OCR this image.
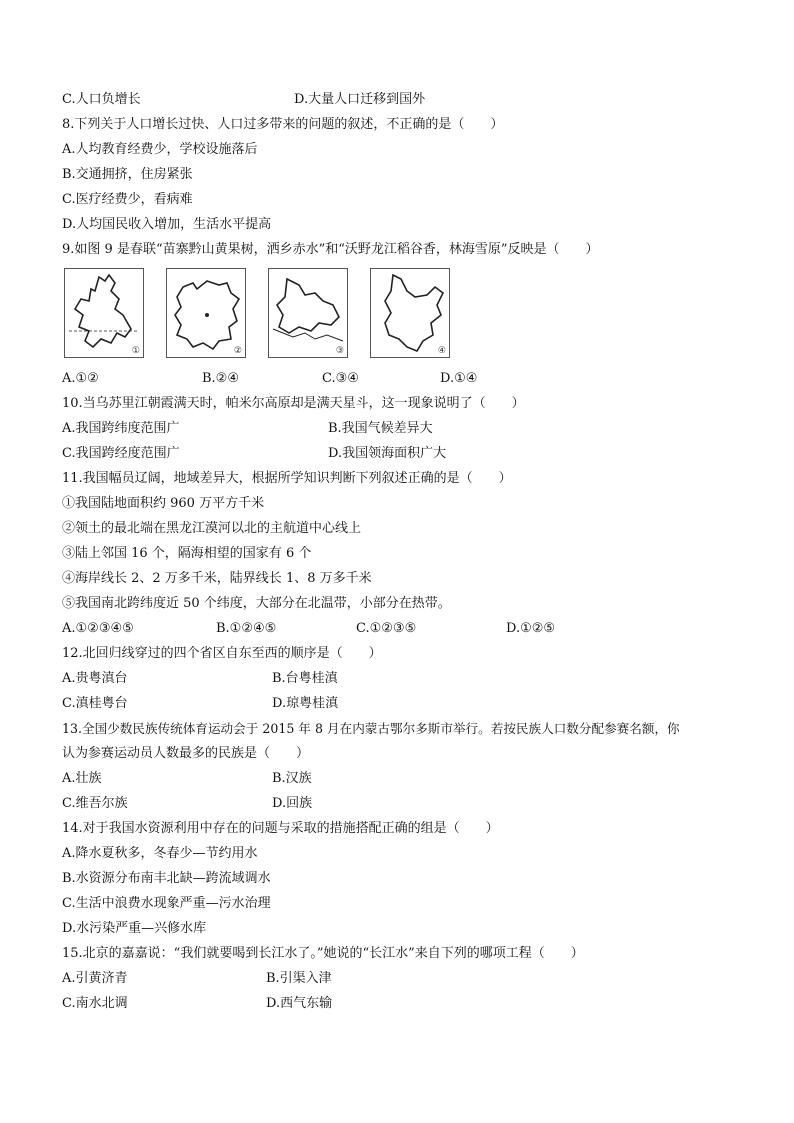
C.人口负增长	D.大量人口迁移到国外
8.下列关于人口增长过快、人口过多带来的问题的叙述，不正确的是（　　）
A.人均教育经费少，学校设施落后
B.交通拥挤，住房紧张
C.医疗经费少，看病难
D.人均国民收入增加，生活水平提高
9.如图 9 是春联“苗寨黔山黄果树，洒乡赤水”和“沃野龙江稻谷香，林海雪原”反映是（　　）
①	②	③	④
A.①②	B.②④	C.③④	D.①④
10.当乌苏里江朝霞满天时，帕米尔高原却是满天星斗，这一现象说明了（　　）
A.我国跨纬度范围广	B.我国气候差异大
C.我国跨经度范围广	D.我国领海面积广大
11.我国幅员辽阔，地域差异大，根据所学知识判断下列叙述正确的是（　　）
①我国陆地面积约 960 万平方千米
②领土的最北端在黑龙江漠河以北的主航道中心线上
③陆上邻国 16 个，隔海相望的国家有 6 个
④海岸线长 2、2 万多千米，陆界线长 1、8 万多千米
⑤我国南北跨纬度近 50 个纬度，大部分在北温带，小部分在热带。
A.①②③④⑤	B.①②④⑤	C.①②③⑤	D.①②⑤
12.北回归线穿过的四个省区自东至西的顺序是（　　）
A.贵粤滇台	B.台粤桂滇
C.滇桂粤台	D.琼粤桂滇
13.全国少数民族传统体育运动会于 2015 年 8 月在内蒙古鄂尔多斯市举行。若按民族人口数分配参赛名额，你
认为参赛运动员人数最多的民族是（　　）
A.壮族	B.汉族
C.维吾尔族	D.回族
14.对于我国水资源利用中存在的问题与采取的措施搭配正确的组是（　　）
A.降水夏秋多，冬春少—节约用水
B.水资源分布南丰北缺—跨流域调水
C.生活中浪费水现象严重—污水治理
D.水污染严重—兴修水库
15.北京的嘉嘉说：“我们就要喝到长江水了。”她说的“长江水”来自下列的哪项工程（　　）
A.引黄济青	B.引渠入津
C.南水北调	D.西气东输
